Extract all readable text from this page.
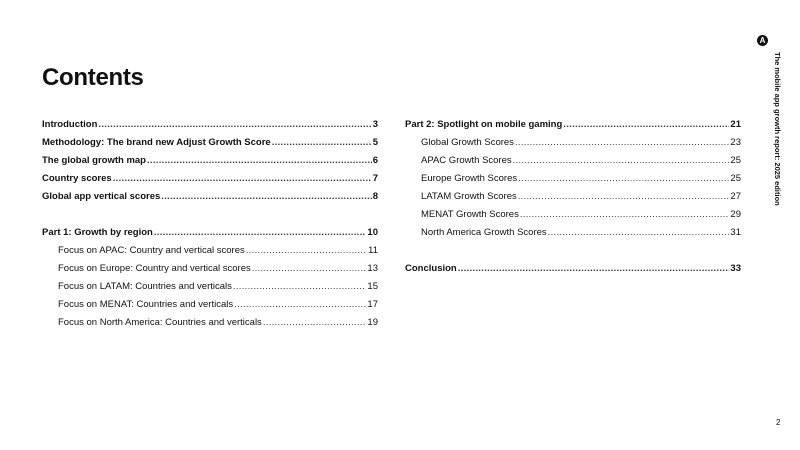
Contents
A
The mobile app growth report: 2025 edition
Introduction .....	3
Methodology: The brand new Adjust Growth Score .....	5
The global growth map .....	6
Country scores .....	7
Global app vertical scores .....	8
Part 1: Growth by region .....	10
Focus on APAC: Country and vertical scores .....	11
Focus on Europe: Country and vertical scores .....	13
Focus on LATAM: Countries and verticals .....	15
Focus on MENAT: Countries and verticals .....	17
Focus on North America: Countries and verticals .....	19
Part 2: Spotlight on mobile gaming .....	21
Global Growth Scores .....	23
APAC Growth Scores .....	25
Europe Growth Scores .....	25
LATAM Growth Scores .....	27
MENAT Growth Scores .....	29
North America Growth Scores .....	31
Conclusion .....	33
2
